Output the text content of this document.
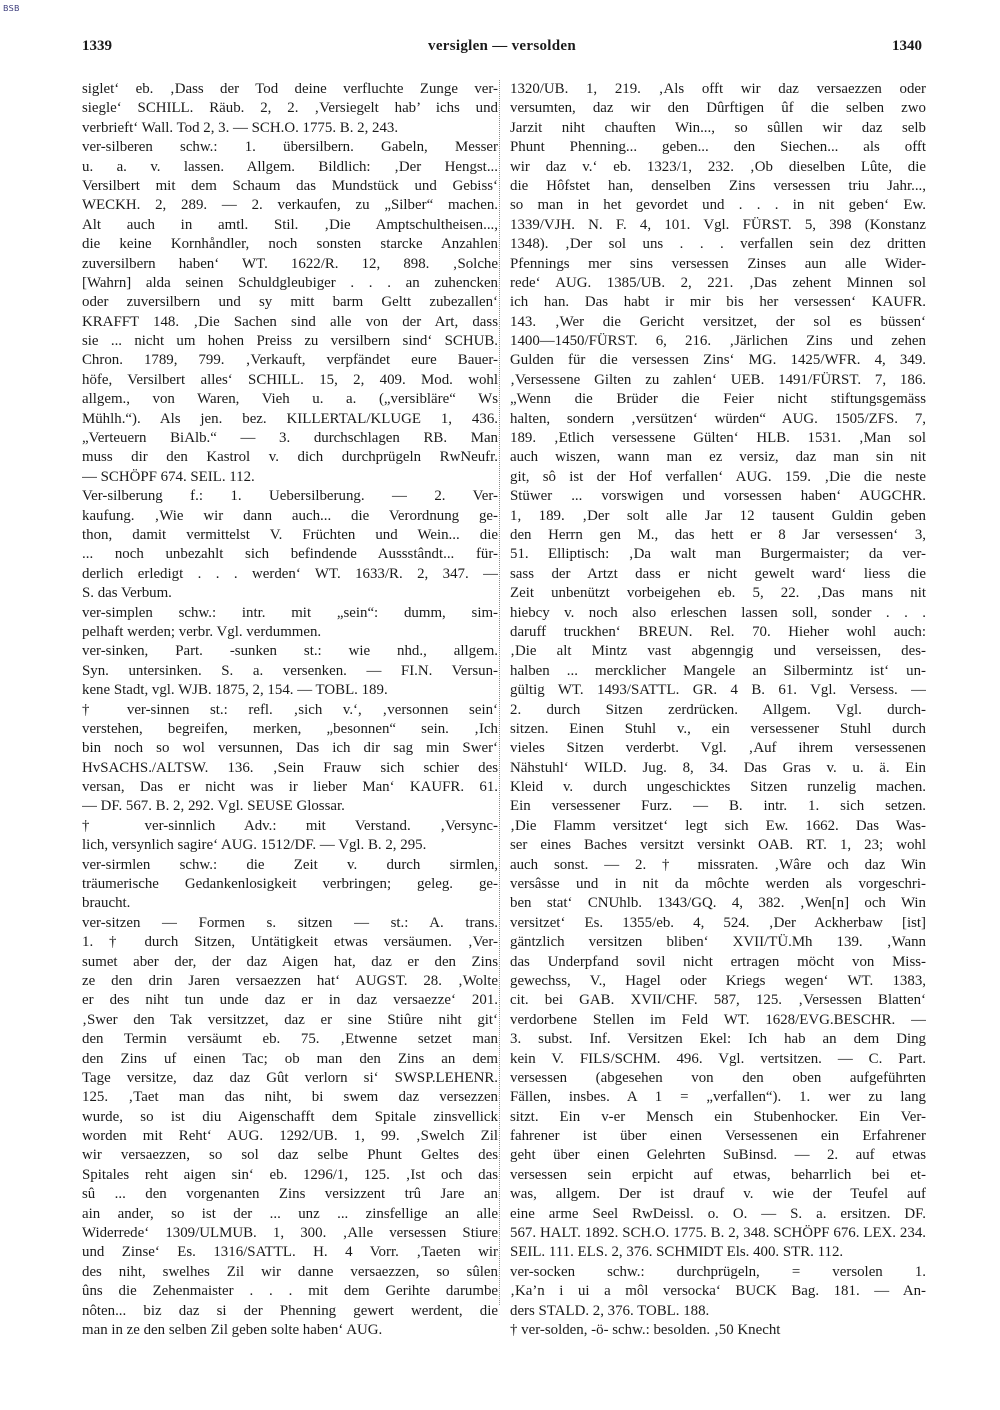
BSB
1339	versiglen — versolden	1340
siglet‘ eb. ‚Dass der Tod deine verfluchte Zunge ver-
siegle‘ SCHILL. Räub. 2, 2. ‚Versiegelt hab’ ichs und
verbrieft‘ Wall. Tod 2, 3. — SCH.O. 1775. B. 2, 243.
ver-silberen schw.: 1. übersilbern. Gabeln, Messer
u. a. v. lassen. Allgem. Bildlich: ‚Der Hengst...
Versilbert mit dem Schaum das Mundstück und Gebiss‘
WECKH. 2, 289. — 2. verkaufen, zu „Silber“ machen.
Alt auch in amtl. Stil. ‚Die Amptschultheisen...,
die keine Kornhåndler, noch sonsten starcke Anzahlen
zuversilbern haben‘ WT. 1622/R. 12, 898. ‚Solche
[Wahrn] alda seinen Schuldgleubiger . . . an zuhencken
oder zuversilbern und sy mitt barm Geltt zubezallen‘
KRAFFT 148. ‚Die Sachen sind alle von der Art, dass
sie ... nicht um hohen Preiss zu versilbern sind‘ SCHUB.
Chron. 1789, 799. ‚Verkauft, verpfändet eure Bauer-
höfe, Versilbert alles‘ SCHILL. 15, 2, 409. Mod. wohl
allgem., von Waren, Vieh u. a. („versibläre“ Ws
Mühlh.“). Als jen. bez. KILLERTAL/KLUGE 1, 436.
„Verteuern BiAlb.“ — 3. durchschlagen RB. Man
muss dir den Kastrol v. dich durchprügeln RwNeufr.
— SCHÖPF 674. SEIL. 112.
Ver-silberung f.: 1. Uebersilberung. — 2. Ver-
kaufung. ‚Wie wir dann auch... die Verordnung ge-
thon, damit vermittelst V. Früchten und Wein... die
... noch unbezahlt sich befindende Aussstândt... für-
derlich erledigt . . . werden‘ WT. 1633/R. 2, 347. —
S. das Verbum.
ver-simplen schw.: intr. mit „sein“: dumm, sim-
pelhaft werden; verbr. Vgl. verdummen.
ver-sinken, Part. -sunken st.: wie nhd., allgem.
Syn. untersinken. S. a. versenken. — FI.N. Versun-
kene Stadt, vgl. WJB. 1875, 2, 154. — TOBL. 189.
† ver-sinnen st.: refl. ‚sich v.‘, ‚versonnen sein‘
verstehen, begreifen, merken, „besonnen“ sein. ‚Ich
bin noch so wol versunnen, Das ich dir sag min Swer‘
HvSACHS./ALTSW. 136. ‚Sein Frauw sich schier des
versan, Das er nicht was ir lieber Man‘ KAUFR. 61.
— DF. 567. B. 2, 292. Vgl. SEUSE Glossar.
† ver-sinnlich Adv.: mit Verstand. ‚Versync-
lich, versynlich sagire‘ AUG. 1512/DF. — Vgl. B. 2, 295.
ver-sirmlen schw.: die Zeit v. durch sirmlen,
träumerische Gedankenlosigkeit verbringen; geleg. ge-
braucht.
ver-sitzen — Formen s. sitzen — st.: A. trans.
1. † durch Sitzen, Untätigkeit etwas versäumen. ‚Ver-
sumet aber der, der daz Aigen hat, daz er den Zins
ze den drin Jaren versaezzen hat‘ AUGST. 28. ‚Wolte
er des niht tun unde daz er in daz versaezze‘ 201.
‚Swer den Tak versitzzet, daz er sine Stiûre niht git‘
den Termin versäumt eb. 75. ‚Etwenne setzet man
den Zins uf einen Tac; ob man den Zins an dem
Tage versitze, daz daz Gût verlorn si‘ SWSP.LEHENR.
125. ‚Taet man das niht, bi swem daz versezzen
wurde, so ist diu Aigenschafft dem Spitale zinsvellick
worden mit Reht‘ AUG. 1292/UB. 1, 99. ‚Swelch Zil
wir versaezzen, so sol daz selbe Phunt Geltes des
Spitales reht aigen sin‘ eb. 1296/1, 125. ‚Ist och das
sû ... den vorgenanten Zins versizzent trû Jare an
ain ander, so ist der ... unz ... zinsfellige an alle
Widerrede‘ 1309/ULMUB. 1, 300. ‚Alle versessen Stiure
und Zinse‘ Es. 1316/SATTL. H. 4 Vorr. ‚Taeten wir
des niht, swelhes Zil wir danne versaezzen, so sûlen
ûns die Zehenmaister . . . mit dem Gerihte darumbe
nôten... biz daz si der Phenning gewert werdent, die
man in ze den selben Zil geben solte haben‘ AUG.
1320/UB. 1, 219. ‚Als offt wir daz versaezzen oder
versumten, daz wir den Dûrftigen ûf die selben zwo
Jarzit niht chauften Win..., so sûllen wir daz selb
Phunt Phenning... geben... den Siechen... als offt
wir daz v.‘ eb. 1323/1, 232. ‚Ob dieselben Lûte, die
die Hôfstet han, denselben Zins versessen triu Jahr...,
so man in het gevordet und . . . in nit geben‘ Ew.
1339/VJH. N. F. 4, 101. Vgl. FÜRST. 5, 398 (Konstanz
1348). ‚Der sol uns . . . verfallen sein dez dritten
Pfennings mer sins versessen Zinses aun alle Wider-
rede‘ AUG. 1385/UB. 2, 221. ‚Das zehent Minnen sol
ich han. Das habt ir mir bis her versessen‘ KAUFR.
143. ‚Wer die Gericht versitzet, der sol es büssen‘
1400—1450/FÜRST. 6, 216. ‚Järlichen Zins und zehen
Gulden für die versessen Zins‘ MG. 1425/WFR. 4, 349.
‚Versessene Gilten zu zahlen‘ UEB. 1491/FÜRST. 7, 186.
„Wenn die Brüder die Feier nicht stiftungsgemäss
halten, sondern ‚versützen‘ würden“ AUG. 1505/ZFS. 7,
189. ‚Etlich versessene Gülten‘ HLB. 1531. ‚Man sol
auch wiszen, wann man ez versiz, daz man sin nit
git, sô ist der Hof verfallen‘ AUG. 159. ‚Die die neste
Stüwer ... vorswigen und vorsessen haben‘ AUGCHR.
1, 189. ‚Der solt alle Jar 12 tausent Guldin geben
den Herrn gen M., das hett er 8 Jar versessen‘ 3,
51. Elliptisch: ‚Da walt man Burgermaister; da ver-
sass der Artzt dass er nicht gewelt ward‘ liess die
Zeit unbenützt vorbeigehen eb. 5, 22. ‚Das mans nit
hiebcy v. noch also erleschen lassen soll, sonder . . .
daruff truckhen‘ BREUN. Rel. 70. Hieher wohl auch:
‚Die alt Mintz vast abgenngig und verseissen, des-
halben ... mercklicher Mangele an Silbermintz ist‘ un-
gültig WT. 1493/SATTL. GR. 4 B. 61. Vgl. Versess. —
2. durch Sitzen zerdrücken. Allgem. Vgl. durch-
sitzen. Einen Stuhl v., ein versessener Stuhl durch
vieles Sitzen verderbt. Vgl. ‚Auf ihrem versessenen
Nähstuhl‘ WILD. Jug. 8, 34. Das Gras v. u. ä. Ein
Kleid v. durch ungeschicktes Sitzen runzelig machen.
Ein versessener Furz. — B. intr. 1. sich setzen.
‚Die Flamm versitzet‘ legt sich Ew. 1662. Das Was-
ser eines Baches versitzt versinkt OAB. RT. 1, 23; wohl
auch sonst. — 2. † missraten. ‚Wâre och daz Win
versâsse und in nit da môchte werden als vorgeschri-
ben stat‘ CNUhlb. 1343/GQ. 4, 382. ‚Wen[n] och Win
versitzet‘ Es. 1355/eb. 4, 524. ‚Der Ackherbaw [ist]
gäntzlich versitzen bliben‘ XVII/TÜ.Mh 139. ‚Wann
das Underpfand sovil nicht ertragen möcht von Miss-
gewechss, V., Hagel oder Kriegs wegen‘ WT. 1383,
cit. bei GAB. XVII/CHF. 587, 125. ‚Versessen Blatten‘
verdorbene Stellen im Feld WT. 1628/EVG.BESCHR. —
3. subst. Inf. Versitzen Ekel: Ich hab an dem Ding
kein V. FILS/SCHM. 496. Vgl. vertsitzen. — C. Part.
versessen (abgesehen von den oben aufgeführten
Fällen, insbes. A 1 = „verfallen“). 1. wer zu lang
sitzt. Ein v-er Mensch ein Stubenhocker. Ein Ver-
fahrener ist über einen Versessenen ein Erfahrener
geht über einen Gelehrten SuBinsd. — 2. auf etwas
versessen sein erpicht auf etwas, beharrlich bei et-
was, allgem. Der ist drauf v. wie der Teufel auf
eine arme Seel RwDeissl. o. O. — S. a. ersitzen. DF.
567. HALT. 1892. SCH.O. 1775. B. 2, 348. SCHÖPF 676. LEX. 234.
SEIL. 111. ELS. 2, 376. SCHMIDT Els. 400. STR. 112.
ver-socken schw.: durchprügeln, = versolen 1.
‚Ka’n i ui a môl versocka‘ BUCK Bag. 181. — An-
ders STALD. 2, 376. TOBL. 188.
† ver-solden, -ö- schw.: besolden. ‚50 Knecht
